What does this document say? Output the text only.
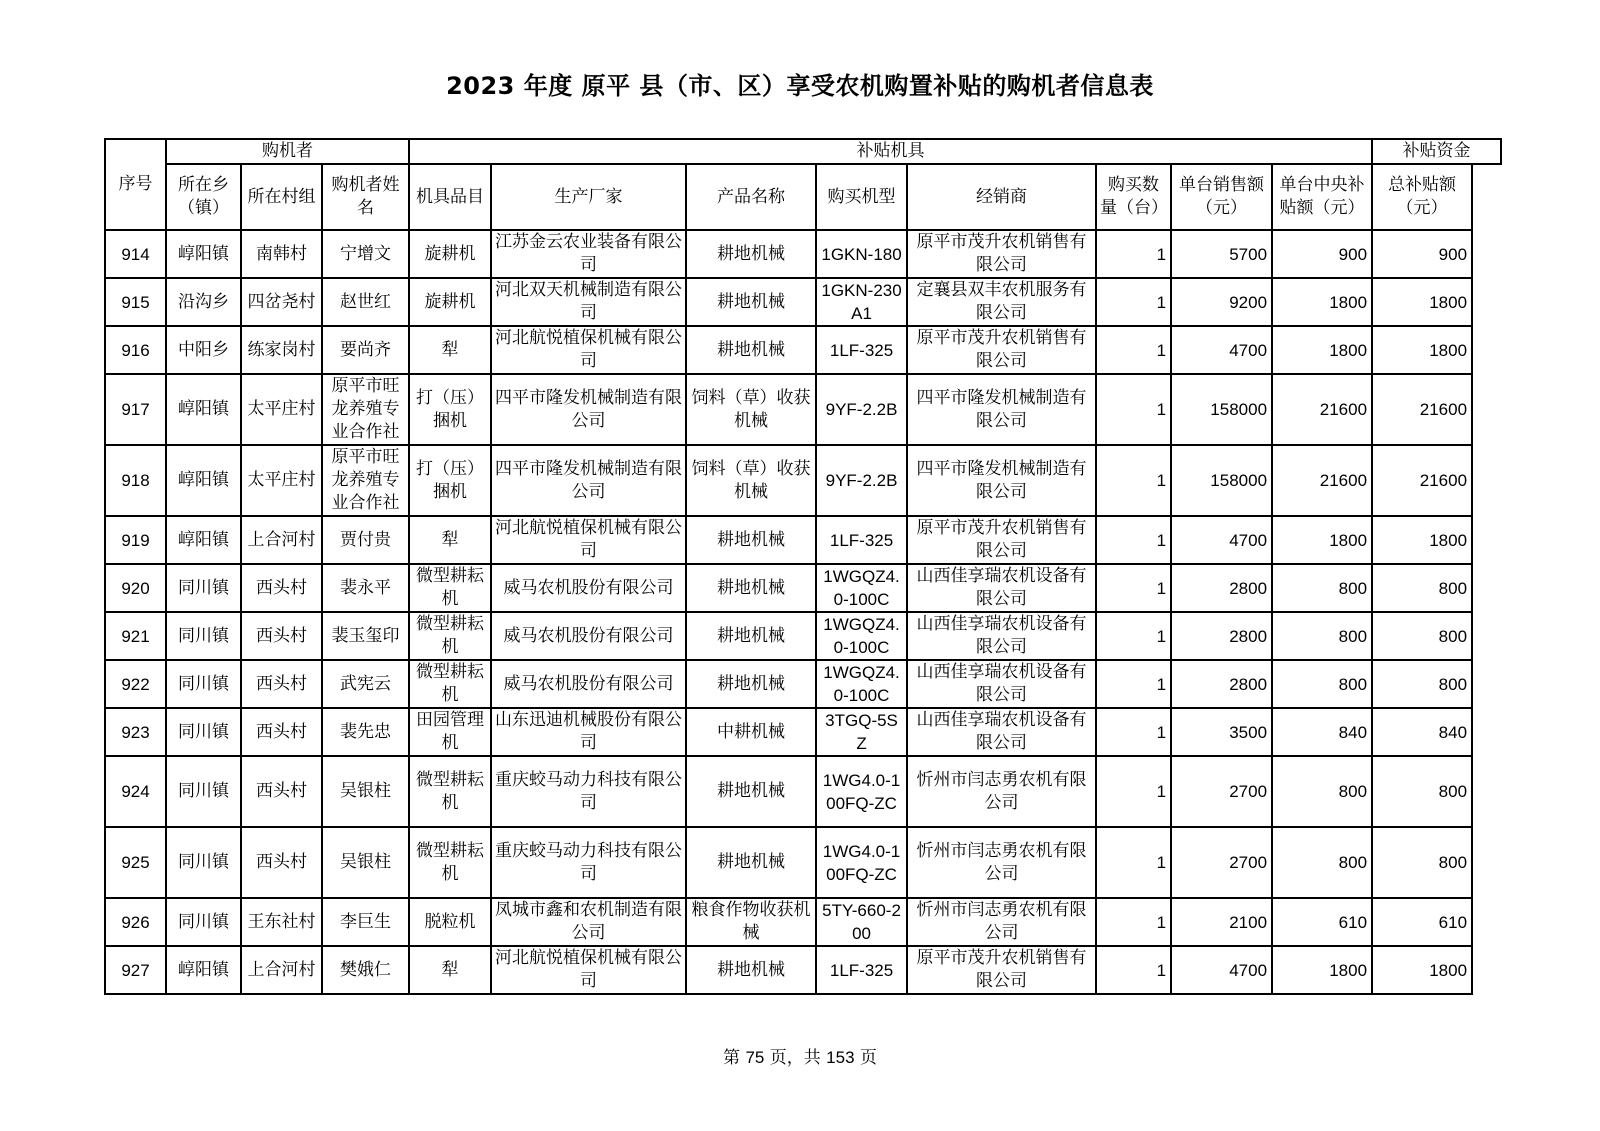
2023 年度 原平 县（市、区）享受农机购置补贴的购机者信息表
序号	购机者			补贴机具								补贴资金
	所在乡（镇）	所在村组	购机者姓名	机具品目	生产厂家	产品名称	购买机型	经销商	购买数量（台）	单台销售额（元）	单台中央补贴额（元）	总补贴额（元）
914	崞阳镇	南韩村	宁增文	旋耕机	江苏金云农业装备有限公司	耕地机械	1GKN-180	原平市茂升农机销售有限公司	1	5700	900	900
915	沿沟乡	四岔尧村	赵世红	旋耕机	河北双天机械制造有限公司	耕地机械	1GKN-230A1	定襄县双丰农机服务有限公司	1	9200	1800	1800
916	中阳乡	练家岗村	要尚齐	犁	河北航悦植保机械有限公司	耕地机械	1LF-325	原平市茂升农机销售有限公司	1	4700	1800	1800
917	崞阳镇	太平庄村	原平市旺龙养殖专业合作社	打（压）捆机	四平市隆发机械制造有限公司	饲料（草）收获机械	9YF-2.2B	四平市隆发机械制造有限公司	1	158000	21600	21600
918	崞阳镇	太平庄村	原平市旺龙养殖专业合作社	打（压）捆机	四平市隆发机械制造有限公司	饲料（草）收获机械	9YF-2.2B	四平市隆发机械制造有限公司	1	158000	21600	21600
919	崞阳镇	上合河村	贾付贵	犁	河北航悦植保机械有限公司	耕地机械	1LF-325	原平市茂升农机销售有限公司	1	4700	1800	1800
920	同川镇	西头村	裴永平	微型耕耘机	威马农机股份有限公司	耕地机械	1WGQZ4.0-100C	山西佳享瑞农机设备有限公司	1	2800	800	800
921	同川镇	西头村	裴玉玺印	微型耕耘机	威马农机股份有限公司	耕地机械	1WGQZ4.0-100C	山西佳享瑞农机设备有限公司	1	2800	800	800
922	同川镇	西头村	武宪云	微型耕耘机	威马农机股份有限公司	耕地机械	1WGQZ4.0-100C	山西佳享瑞农机设备有限公司	1	2800	800	800
923	同川镇	西头村	裴先忠	田园管理机	山东迅迪机械股份有限公司	中耕机械	3TGQ-5SZ	山西佳享瑞农机设备有限公司	1	3500	840	840
924	同川镇	西头村	吴银柱	微型耕耘机	重庆蛟马动力科技有限公司	耕地机械	1WG4.0-100FQ-ZC	忻州市闫志勇农机有限公司	1	2700	800	800
925	同川镇	西头村	吴银柱	微型耕耘机	重庆蛟马动力科技有限公司	耕地机械	1WG4.0-100FQ-ZC	忻州市闫志勇农机有限公司	1	2700	800	800
926	同川镇	王东社村	李巨生	脱粒机	凤城市鑫和农机制造有限公司	粮食作物收获机械	5TY-660-200	忻州市闫志勇农机有限公司	1	2100	610	610
927	崞阳镇	上合河村	樊娥仁	犁	河北航悦植保机械有限公司	耕地机械	1LF-325	原平市茂升农机销售有限公司	1	4700	1800	1800
第 75 页，共 153 页
